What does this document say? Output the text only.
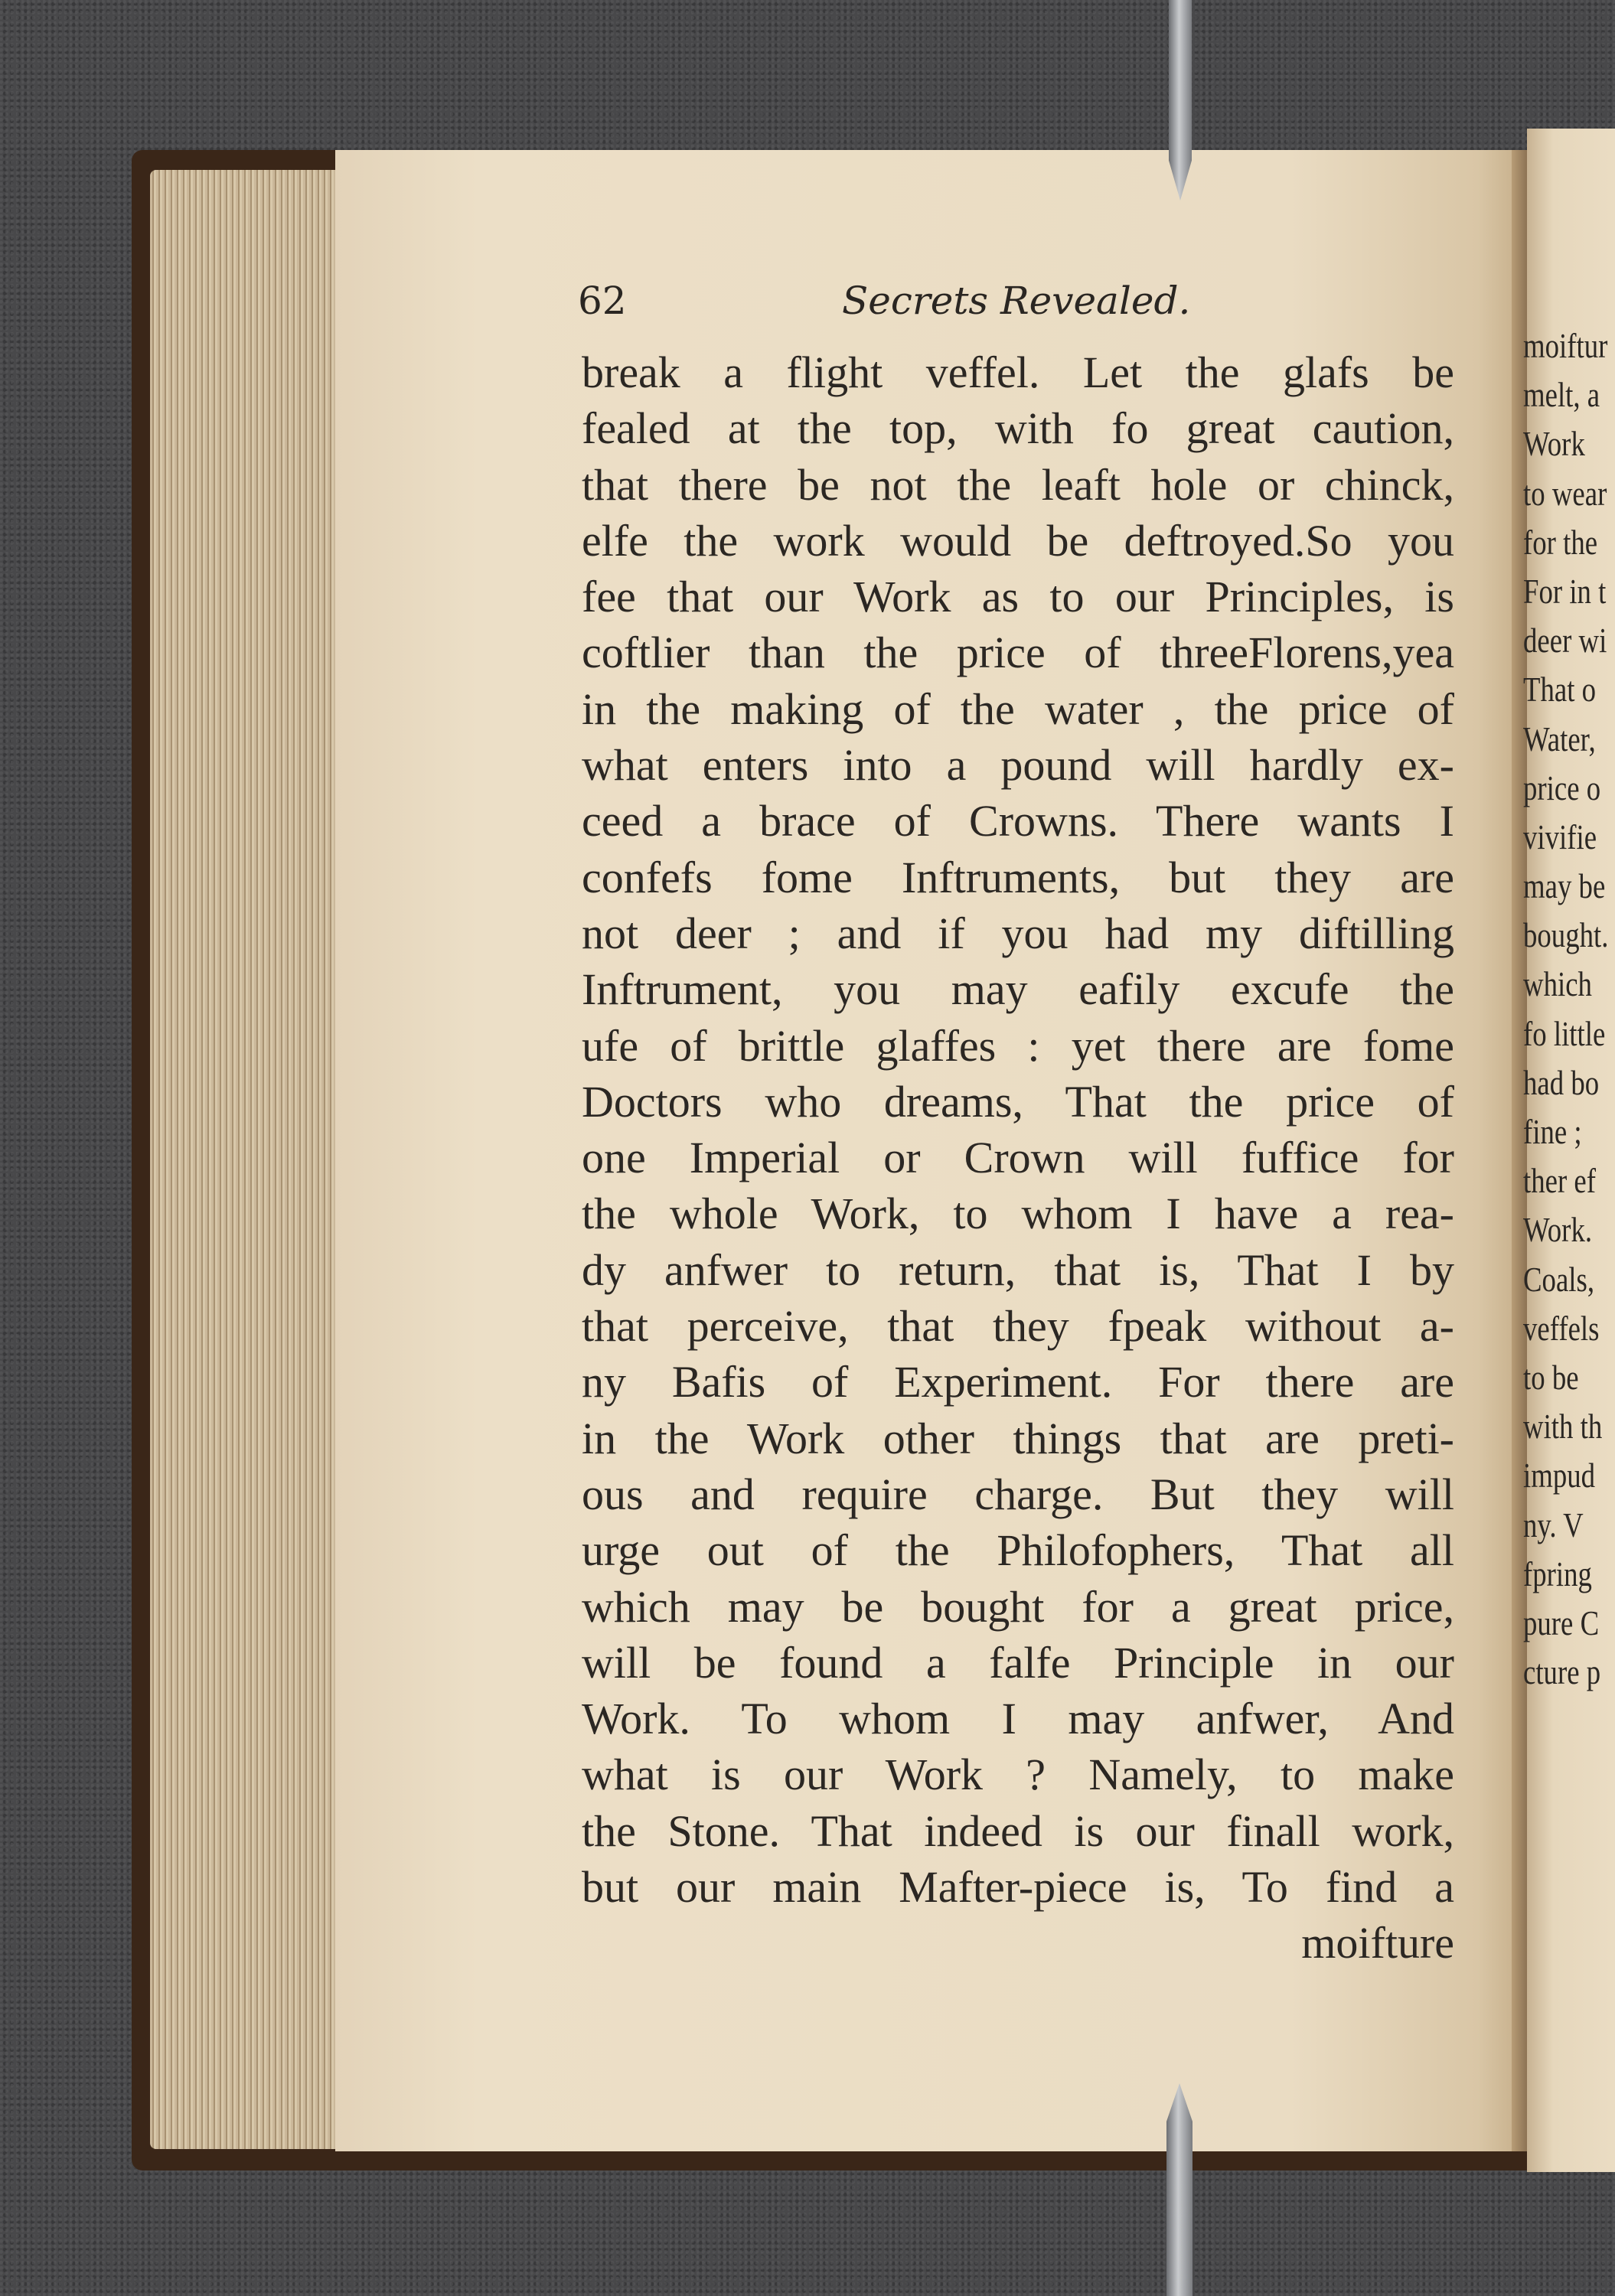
62	Secrets Revealed.
break a flight veffel. Let the glafs be
fealed at the top, with fo great caution,
that there be not the leaft hole or chinck,
elfe the work would be deftroyed.So you
fee that our Work as to our Principles, is
coftlier than the price of threeFlorens,yea
in the making of the water , the price of
what enters into a pound will hardly ex-
ceed a brace of Crowns. There wants I
confefs fome Inftruments, but they are
not deer ; and if you had my diftilling
Inftrument, you may eafily excufe the
ufe of brittle glaffes : yet there are fome
Doctors who dreams, That the price of
one Imperial or Crown will fuffice for
the whole Work, to whom I have a rea-
dy anfwer to return, that is, That I by
that perceive, that they fpeak without a-
ny Bafis of Experiment. For there are
in the Work other things that are preti-
ous and require charge. But they will
urge out of the Philofophers, That all
which may be bought for a great price,
will be found a falfe Principle in our
Work. To whom I may anfwer, And
what is our Work ? Namely, to make
the Stone. That indeed is our finall work,
but our main Mafter-piece is, To find a
moifture
moiftur
melt, a
Work
to wear
for the
For in t
deer wi
That o
Water,
price o
vivifie
may be
bought.
which
fo little
had bo
fine ;
ther ef
Work.
Coals,
veffels
to be
with th
impud
ny. V
fpring
pure C
cture p
